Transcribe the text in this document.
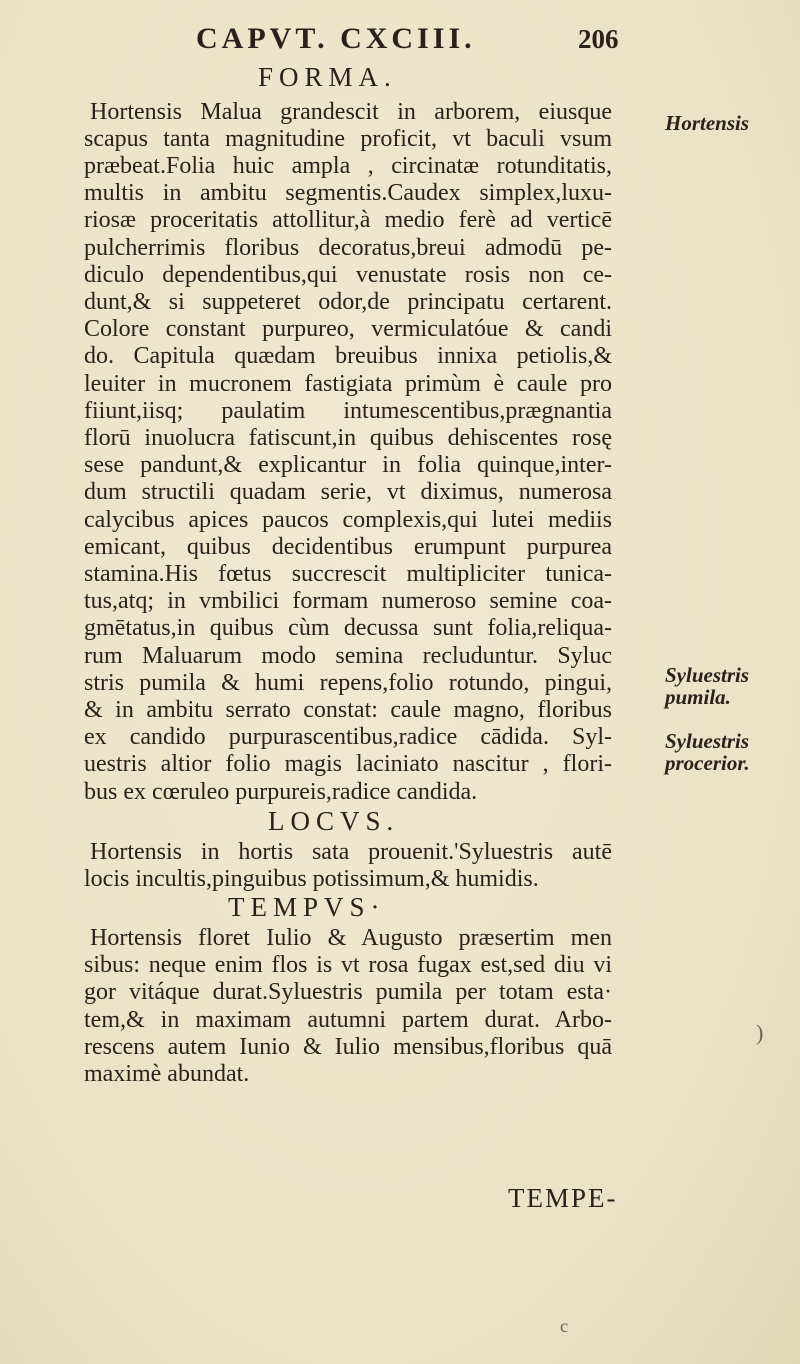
CAPVT. CXCIII.	206
FORMA.
Hortensis Malua grandescit in arborem, eiusque
scapus tanta magnitudine proficit, vt baculi vsum
præbeat.Folia huic ampla , circinatæ rotunditatis,
multis in ambitu segmentis.Caudex simplex,luxu-
riosæ proceritatis attollitur,à medio ferè ad verticē
pulcherrimis floribus decoratus,breui admodū pe-
diculo dependentibus,qui venustate rosis non ce-
dunt,& si suppeteret odor,de principatu certarent.
Colore constant purpureo, vermiculatóue & candi
do. Capitula quædam breuibus innixa petiolis,&
leuiter in mucronem fastigiata primùm è caule pro
fiiunt,iisq; paulatim intumescentibus,prægnantia
florū inuolucra fatiscunt,in quibus dehiscentes rosę
sese pandunt,& explicantur in folia quinque,inter-
dum structili quadam serie, vt diximus, numerosa
calycibus apices paucos complexis,qui lutei mediis
emicant, quibus decidentibus erumpunt purpurea
stamina.His fœtus succrescit multipliciter tunica-
tus,atq; in vmbilici formam numeroso semine coa-
gmētatus,in quibus cùm decussa sunt folia,reliqua-
rum Maluarum modo semina recluduntur. Syluc
stris pumila & humi repens,folio rotundo, pingui,
& in ambitu serrato constat: caule magno, floribus
ex candido purpurascentibus,radice cādida. Syl-
uestris altior folio magis laciniato nascitur , flori-
bus ex cœruleo purpureis,radice candida.
LOCVS.
Hortensis in hortis sata prouenit.'Syluestris autē
locis incultis,pinguibus potissimum,& humidis.
TEMPVS·
Hortensis floret Iulio & Augusto præsertim men
sibus: neque enim flos is vt rosa fugax est,sed diu vi
gor vitáque durat.Syluestris pumila per totam esta·
tem,& in maximam autumni partem durat. Arbo-
rescens autem Iunio & Iulio mensibus,floribus quā
maximè abundat.
Hortensis
Syluestris
pumila.
Syluestris
procerior.
TEMPE-
)
c
